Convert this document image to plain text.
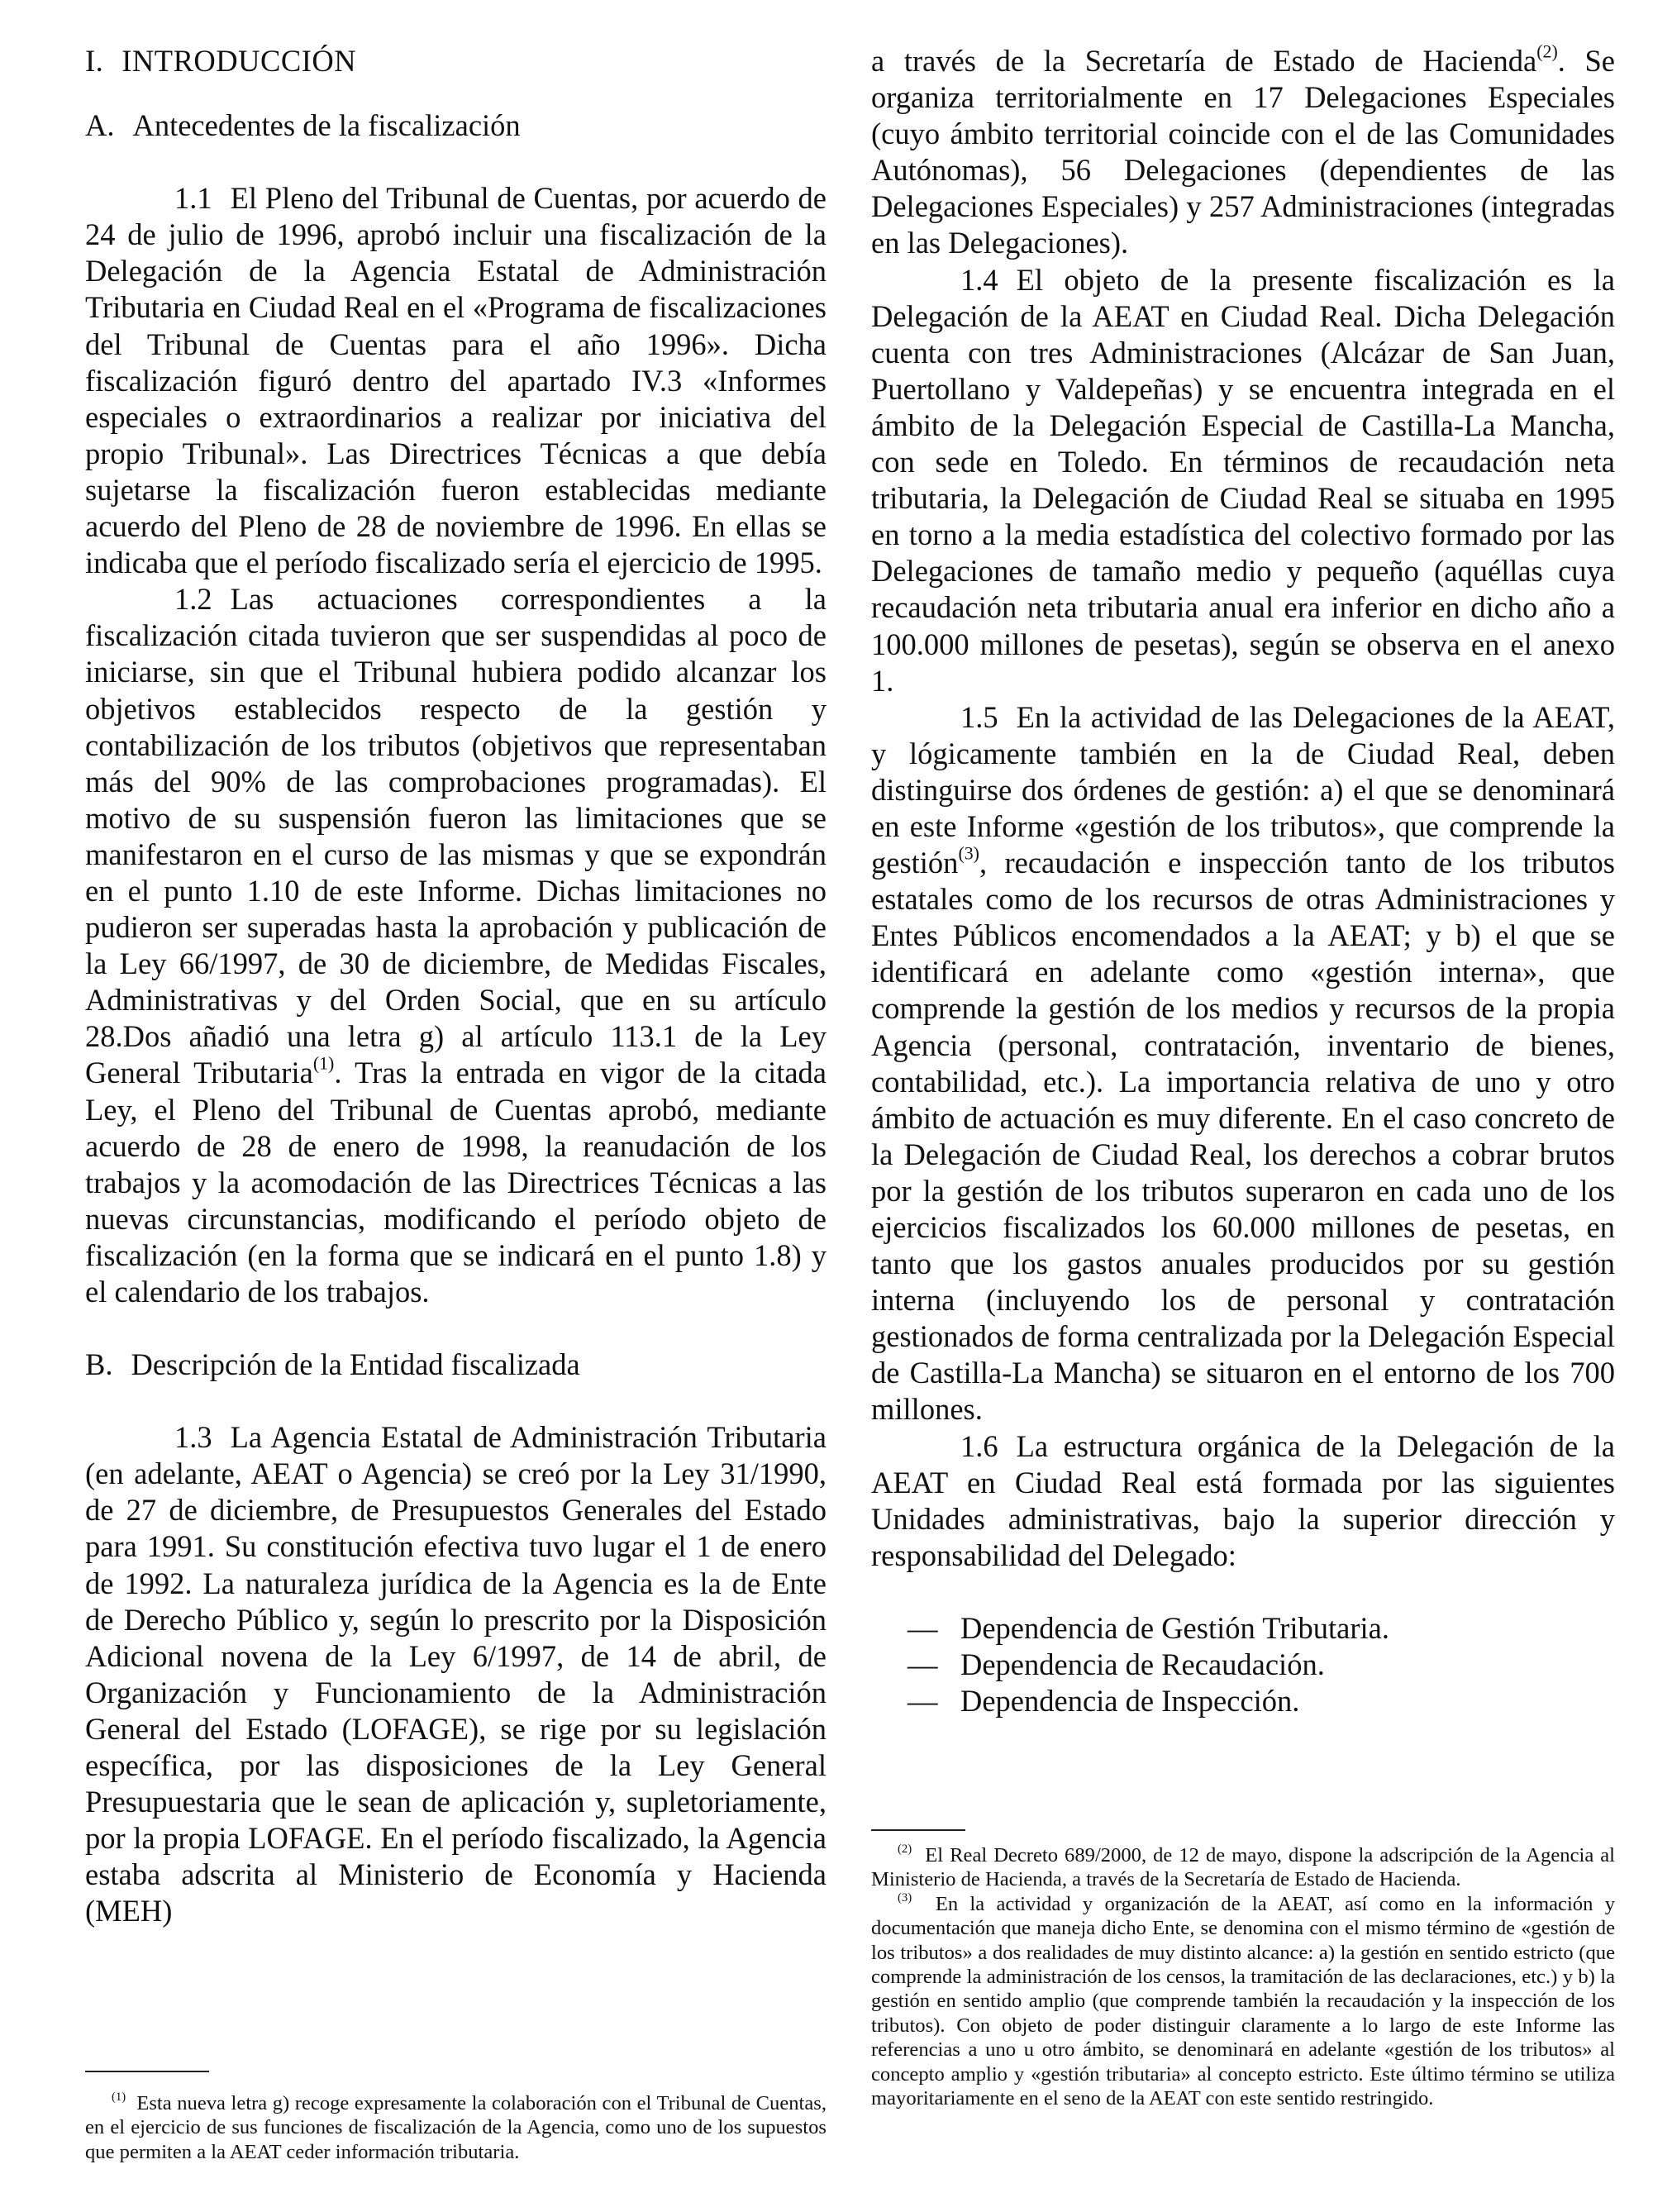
I. INTRODUCCIÓN

A. Antecedentes de la fiscalización

1.1 El Pleno del Tribunal de Cuentas, por acuerdo de 24 de julio de 1996, aprobó incluir una fiscalización de la Delegación de la Agencia Estatal de Administración Tributaria en Ciudad Real en el «Programa de fiscalizaciones del Tribunal de Cuentas para el año 1996». Dicha fiscalización figuró dentro del apartado IV.3 «Informes especiales o extraordinarios a realizar por iniciativa del propio Tribunal». Las Directrices Técnicas a que debía sujetarse la fiscalización fueron establecidas mediante acuerdo del Pleno de 28 de noviembre de 1996. En ellas se indicaba que el período fiscalizado sería el ejercicio de 1995.

1.2 Las actuaciones correspondientes a la fiscalización citada tuvieron que ser suspendidas al poco de iniciarse, sin que el Tribunal hubiera podido alcanzar los objetivos establecidos respecto de la gestión y contabilización de los tributos (objetivos que representaban más del 90% de las comprobaciones programadas). El motivo de su suspensión fueron las limitaciones que se manifestaron en el curso de las mismas y que se expondrán en el punto 1.10 de este Informe. Dichas limitaciones no pudieron ser superadas hasta la aprobación y publicación de la Ley 66/1997, de 30 de diciembre, de Medidas Fiscales, Administrativas y del Orden Social, que en su artículo 28.Dos añadió una letra g) al artículo 113.1 de la Ley General Tributaria$^{(1)}$. Tras la entrada en vigor de la citada Ley, el Pleno del Tribunal de Cuentas aprobó, mediante acuerdo de 28 de enero de 1998, la reanudación de los trabajos y la acomodación de las Directrices Técnicas a las nuevas circunstancias, modificando el período objeto de fiscalización (en la forma que se indicará en el punto 1.8) y el calendario de los trabajos.

B. Descripción de la Entidad fiscalizada

1.3 La Agencia Estatal de Administración Tributaria (en adelante, AEAT o Agencia) se creó por la Ley 31/1990, de 27 de diciembre, de Presupuestos Generales del Estado para 1991. Su constitución efectiva tuvo lugar el 1 de enero de 1992. La naturaleza jurídica de la Agencia es la de Ente de Derecho Público y, según lo prescrito por la Disposición Adicional novena de la Ley 6/1997, de 14 de abril, de Organización y Funcionamiento de la Administración General del Estado (LOFAGE), se rige por su legislación específica, por las disposiciones de la Ley General Presupuestaria que le sean de aplicación y, supletoriamente, por la propia LOFAGE. En el período fiscalizado, la Agencia estaba adscrita al Ministerio de Economía y Hacienda (MEH)

$^{(1)}$ Esta nueva letra g) recoge expresamente la colaboración con el Tribunal de Cuentas, en el ejercicio de sus funciones de fiscalización de la Agencia, como uno de los supuestos que permiten a la AEAT ceder información tributaria.

a través de la Secretaría de Estado de Hacienda$^{(2)}$. Se organiza territorialmente en 17 Delegaciones Especiales (cuyo ámbito territorial coincide con el de las Comunidades Autónomas), 56 Delegaciones (dependientes de las Delegaciones Especiales) y 257 Administraciones (integradas en las Delegaciones).

1.4 El objeto de la presente fiscalización es la Delegación de la AEAT en Ciudad Real. Dicha Delegación cuenta con tres Administraciones (Alcázar de San Juan, Puertollano y Valdepeñas) y se encuentra integrada en el ámbito de la Delegación Especial de Castilla-La Mancha, con sede en Toledo. En términos de recaudación neta tributaria, la Delegación de Ciudad Real se situaba en 1995 en torno a la media estadística del colectivo formado por las Delegaciones de tamaño medio y pequeño (aquéllas cuya recaudación neta tributaria anual era inferior en dicho año a 100.000 millones de pesetas), según se observa en el anexo 1.

1.5 En la actividad de las Delegaciones de la AEAT, y lógicamente también en la de Ciudad Real, deben distinguirse dos órdenes de gestión: a) el que se denominará en este Informe «gestión de los tributos», que comprende la gestión$^{(3)}$, recaudación e inspección tanto de los tributos estatales como de los recursos de otras Administraciones y Entes Públicos encomendados a la AEAT; y b) el que se identificará en adelante como «gestión interna», que comprende la gestión de los medios y recursos de la propia Agencia (personal, contratación, inventario de bienes, contabilidad, etc.). La importancia relativa de uno y otro ámbito de actuación es muy diferente. En el caso concreto de la Delegación de Ciudad Real, los derechos a cobrar brutos por la gestión de los tributos superaron en cada uno de los ejercicios fiscalizados los 60.000 millones de pesetas, en tanto que los gastos anuales producidos por su gestión interna (incluyendo los de personal y contratación gestionados de forma centralizada por la Delegación Especial de Castilla-La Mancha) se situaron en el entorno de los 700 millones.

1.6 La estructura orgánica de la Delegación de la AEAT en Ciudad Real está formada por las siguientes Unidades administrativas, bajo la superior dirección y responsabilidad del Delegado:

— Dependencia de Gestión Tributaria.
— Dependencia de Recaudación.
— Dependencia de Inspección.

$^{(2)}$ El Real Decreto 689/2000, de 12 de mayo, dispone la adscripción de la Agencia al Ministerio de Hacienda, a través de la Secretaría de Estado de Hacienda.

$^{(3)}$ En la actividad y organización de la AEAT, así como en la información y documentación que maneja dicho Ente, se denomina con el mismo término de «gestión de los tributos» a dos realidades de muy distinto alcance: a) la gestión en sentido estricto (que comprende la administración de los censos, la tramitación de las declaraciones, etc.) y b) la gestión en sentido amplio (que comprende también la recaudación y la inspección de los tributos). Con objeto de poder distinguir claramente a lo largo de este Informe las referencias a uno u otro ámbito, se denominará en adelante «gestión de los tributos» al concepto amplio y «gestión tributaria» al concepto estricto. Este último término se utiliza mayoritariamente en el seno de la AEAT con este sentido restringido.
